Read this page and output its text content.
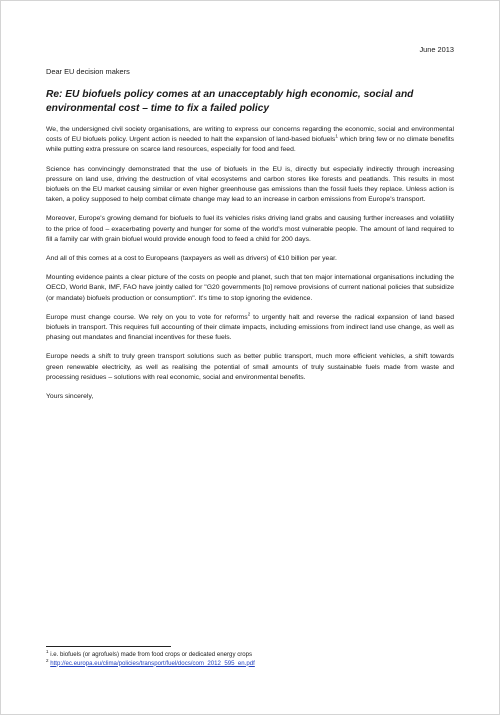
June 2013

Dear EU decision makers

Re: EU biofuels policy comes at an unacceptably high economic, social and environmental cost – time to fix a failed policy

We, the undersigned civil society organisations, are writing to express our concerns regarding the economic, social and environmental costs of EU biofuels policy. Urgent action is needed to halt the expansion of land-based biofuels$^1$ which bring few or no climate benefits while putting extra pressure on scarce land resources, especially for food and feed.

Science has convincingly demonstrated that the use of biofuels in the EU is, directly but especially indirectly through increasing pressure on land use, driving the destruction of vital ecosystems and carbon stores like forests and peatlands. This results in most biofuels on the EU market causing similar or even higher greenhouse gas emissions than the fossil fuels they replace. Unless action is taken, a policy supposed to help combat climate change may lead to an increase in carbon emissions from Europe's transport.

Moreover, Europe's growing demand for biofuels to fuel its vehicles risks driving land grabs and causing further increases and volatility to the price of food – exacerbating poverty and hunger for some of the world's most vulnerable people. The amount of land required to fill a family car with grain biofuel would provide enough food to feed a child for 200 days.

And all of this comes at a cost to Europeans (taxpayers as well as drivers) of €10 billion per year.

Mounting evidence paints a clear picture of the costs on people and planet, such that ten major international organisations including the OECD, World Bank, IMF, FAO have jointly called for "G20 governments [to] remove provisions of current national policies that subsidize (or mandate) biofuels production or consumption". It's time to stop ignoring the evidence.

Europe must change course. We rely on you to vote for reforms$^2$ to urgently halt and reverse the radical expansion of land based biofuels in transport. This requires full accounting of their climate impacts, including emissions from indirect land use change, as well as phasing out mandates and financial incentives for these fuels.

Europe needs a shift to truly green transport solutions such as better public transport, much more efficient vehicles, a shift towards green renewable electricity, as well as realising the potential of small amounts of truly sustainable fuels made from waste and processing residues – solutions with real economic, social and environmental benefits.

Yours sincerely,

$^1$ i.e. biofuels (or agrofuels) made from food crops or dedicated energy crops

$^2$ http://ec.europa.eu/clima/policies/transport/fuel/docs/com_2012_595_en.pdf
